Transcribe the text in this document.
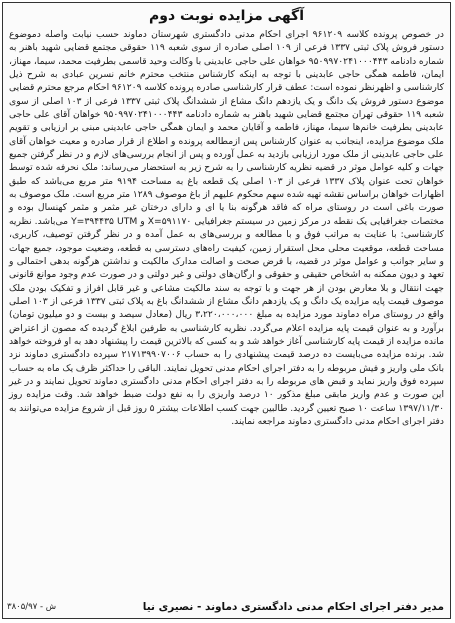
آگهی مزایده نوبت دوم

در خصوص پرونده کلاسه ۹۶۱۲۰۹ اجرای احکام مدنی دادگستری شهرستان دماوند حسب نیابت واصله دموضوع دستور فروش پلاک ثبتی ۱۳۳۷ فرعی از ۱۰۹ اصلی صادره از سوی شعبه ۱۱۹ حقوقی مجتمع قضایی شهید باهنر به شماره دادنامه ۹۵۰۹۹۷۰۲۴۱۰۰۰۴۴۳ خواهان علی حاجی عابدینی با وکالت وحید قاسمی بطرفیت محمد، سیما، مهناز، ایمان، فاطمه همگی حاجی عابدینی با توجه به اینکه کارشناس منتخب محترم خانم نسرین عبادی به شرح ذیل کارشناسی و اظهرنظر نموده است: عطف قرار کارشناسی صادره پرونده کلاسه ۹۶۱۲۰۹ احکام مرجع محترم قضایی موضوع دستور فروش یک دانگ و یک یازدهم دانگ مشاع از ششدانگ پلاک ثبتی ۱۳۳۷ فرعی از ۱۰۳ اصلی از سوی شعبه ۱۱۹ حقوقی تهران مجتمع قضایی شهید باهنر به شماره دادنامه ۹۵۰۹۹۷۰۲۴۱۰۰۰۴۴۳ خواهان آقای علی حاجی عابدینی بطرفیت خانم‌ها سیما، مهناز، فاطمه و آقایان محمد و ایمان همگی حاجی عابدینی مبنی بر ارزیابی و تقویم ملک موضوع مزایده، اینجانب به عنوان کارشناس پس ازمطالعه پرونده و اطلاع از قرار صادره و معیت خواهان آقای علی حاجی عابدینی از ملک مورد ارزیابی بازدید به عمل آورده و پس از انجام بررسی‌های لازم و در نظر گرفتن جمیع جهات و کلیه عوامل موثر در قضیه نظریه کارشناسی را به شرح زیر به استحضار می‌رساند: ملک نحرفه شده توسط خواهان تحت عنوان پلاک ۱۳۳۷ فرعی از ۱۰۳ اصلی یک قطعه باغ به مساحت ۹۱۹۴ متر مربع می‌باشد که طبق اظهارات خواهان براساس نقشه تهیه شده سهم محکوم علیهم از باغ موصوف ۱۲۸۹ متر مربع است. ملک موصوف به صورت باغی است در روستای مراه که فاقد هرگونه بنا یا ای و دارای درختان غیر مثمر و مثمر کهنسال بوده و مختصات جغرافیایی یک نقطه در مرکز زمین در سیستم جغرافیایی X=۵۹۱۱۷۰ و Y=۳۹۴۴۳۵ UTM می‌باشد. نظریه کارشناسی: با عنایت به مراتب فوق و با مطالعه و بررسی‌های به عمل آمده و در نظر گرفتن توصیف، کاربری، مساحت قطعه، موقعیت محلی محل استقرار زمین، کیفیت راه‌های دسترسی به قطعه، وضعیت موجود، جمیع جهات و سایر جوانب و عوامل موثر در قضیه، با فرض صحت و اصالت مدارک مالکیت و نداشتن هرگونه بدهی احتمالی و تعهد و دیون ممکنه به اشخاص حقیقی و حقوقی و ارگان‌های دولتی و غیر دولتی و در صورت عدم وجود موانع قانونی جهت انتقال و بلا معارض بودن از هر جهت و با توجه به سند مالکیت مشاعی و غیر قابل افراز و تفکیک بودن ملک موصوف قیمت پایه مزایده یک دانگ و یک یازدهم دانگ مشاع از ششدانگ باغ به پلاک ثبتی ۱۳۳۷ فرعی از ۱۰۳ اصلی واقع در روستای مراه دماوند مورد مزایده به مبلغ ۳،۲۲۰،۰۰۰،۰۰۰ ریال (معادل سیصد و بیست و دو میلیون تومان) برآورد و به عنوان قیمت پایه مزایده اعلام می‌گردد. نظریه کارشناسی به طرفین ابلاغ گردیده که مصون از اعتراض مانده مزایده از قیمت پایه کارشناسی آغاز خواهد شد و به کسی که بالاترین قیمت را پیشنهاد دهد به او فروخته خواهد شد. برنده مزایده می‌بایست ده درصد قیمت پیشنهادی را به حساب ۲۱۷۱۳۹۹۰۷۰۰۶ سپرده دادگستری دماوند نزد بانک ملی واریز و فیش مربوطه را به دفتر اجرای احکام مدنی تحویل نمایند. الباقی را حداکثر ظرف یک ماه به حساب سپرده فوق واریز نماید و قبض های مربوطه را به دفتر اجرای احکام مدنی دادگستری دماوند تحویل نمایند و در غیر این صورت و عدم واریز مابقی مبلغ مذکور ۱۰ درصد واریزی را به نفع دولت ضبط خواهد شد. وقت مزایده روز ۱۳۹۷/۱۱/۳۰ ساعت ۱۰ صبح تعیین گردید. طالبین جهت کسب اطلاعات بیشتر ۵ روز قبل از شروع مزایده می‌توانند به دفتر اجرای احکام مدنی دادگستری دماوند مراجعه نمایند.

مدیر دفتر اجرای احکام مدنی دادگستری دماوند - نصیری نیا
۳۸۰۵/۹۷ - ش
